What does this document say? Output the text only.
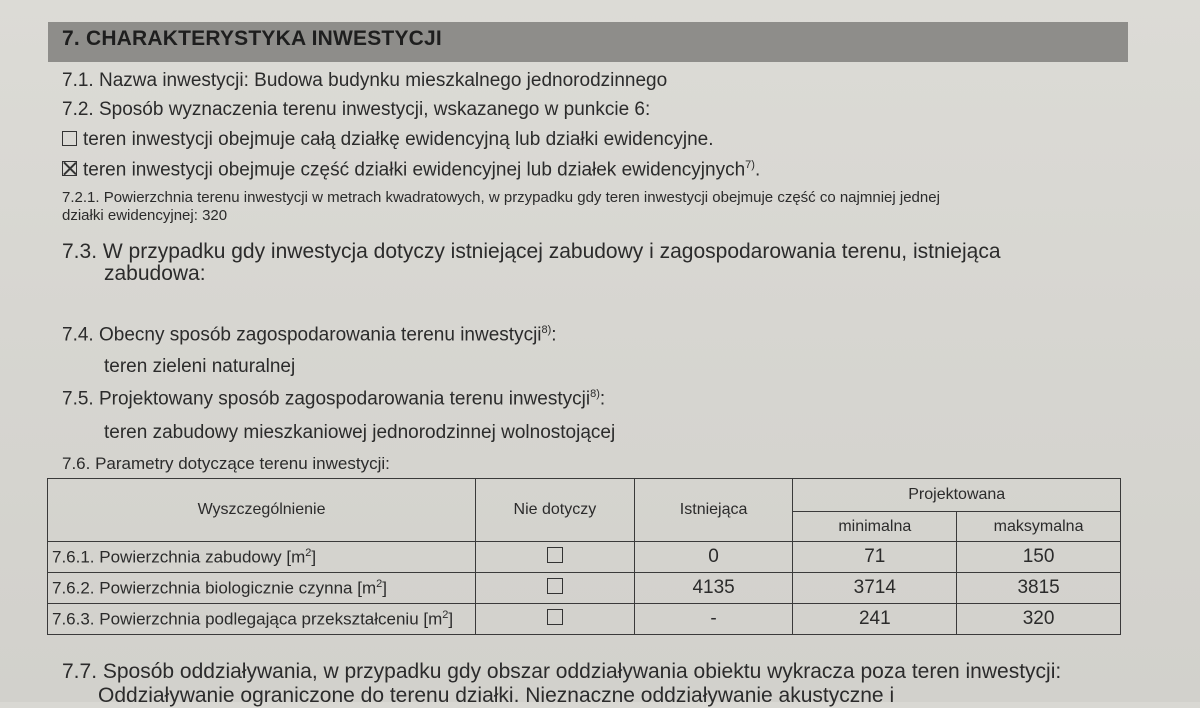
7. CHARAKTERYSTYKA INWESTYCJI
7.1. Nazwa inwestycji: Budowa budynku mieszkalnego jednorodzinnego
7.2. Sposób wyznaczenia terenu inwestycji, wskazanego w punkcie 6:
teren inwestycji obejmuje całą działkę ewidencyjną lub działki ewidencyjne.
teren inwestycji obejmuje część działki ewidencyjnej lub działek ewidencyjnych$^{7)}$.
7.2.1. Powierzchnia terenu inwestycji w metrach kwadratowych, w przypadku gdy teren inwestycji obejmuje część co najmniej jednej
działki ewidencyjnej: 320
7.3. W przypadku gdy inwestycja dotyczy istniejącej zabudowy i zagospodarowania terenu, istniejąca
zabudowa:
7.4. Obecny sposób zagospodarowania terenu inwestycji$^{8)}$:
teren zieleni naturalnej
7.5. Projektowany sposób zagospodarowania terenu inwestycji$^{8)}$:
teren zabudowy mieszkaniowej jednorodzinnej wolnostojącej
7.6. Parametry dotyczące terenu inwestycji:
Wyszczególnienie	Nie dotyczy	Istniejąca	Projektowana	
			minimalna	maksymalna
7.6.1. Powierzchnia zabudowy $[m^2]$		0	71	150
7.6.2. Powierzchnia biologicznie czynna $[m^2]$		4135	3714	3815
7.6.3. Powierzchnia podlegająca przekształceniu $[m^2]$		-	241	320
7.7. Sposób oddziaływania, w przypadku gdy obszar oddziaływania obiektu wykracza poza teren inwestycji:
Oddziaływanie ograniczone do terenu działki. Nieznaczne oddziaływanie akustyczne i
